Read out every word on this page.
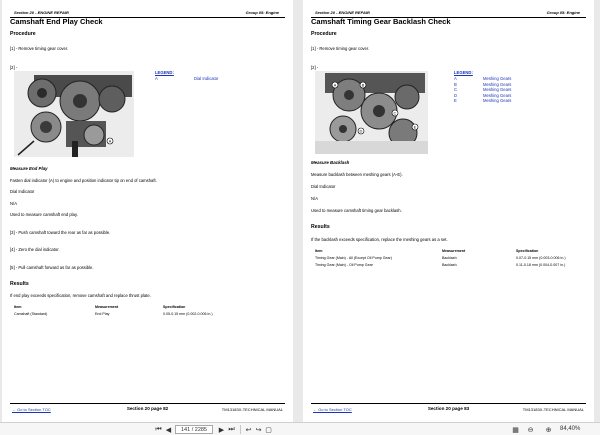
Section 20 - ENGINE REPAIR	Group 05: Engine
Camshaft End Play Check
Procedure
[1] - Remove timing gear cover.
[2] -
A
LEGEND:
A	Dial Indicator
Measure End Play
Fasten dial indicator (A) to engine and position indicator tip on end of camshaft.
Dial Indicator
N/A
Used to measure camshaft end play.
[3] - Push camshaft toward the rear as far as possible.
[4] - Zero the dial indicator.
[5] - Pull camshaft forward as far as possible.
Results
If end play exceeds specification, remove camshaft and replace thrust plate.
Item	Measurement	Specification
Camshaft (Standard)	End Play	0.05-0.15 mm (0.002-0.006 in.)
← Go to Section TOC	Section 20 page 82	TM13183X-TECHNICAL MANUAL
Section 20 - ENGINE REPAIR	Group 05: Engine
Camshaft Timing Gear Backlash Check
Procedure
[1] - Remove timing gear cover.
[2] -
A	B
C
D
E
LEGEND:
A	Meshing Gears
B	Meshing Gears
C	Meshing Gears
D	Meshing Gears
E	Meshing Gears
Measure Backlash
Measure backlash between meshing gears (A-E).
Dial Indicator
N/A
Used to measure camshaft timing gear backlash.
Results
If the backlash exceeds specification, replace the meshing gears as a set.
Item	Measurement	Specification
Timing Gear (Main) - All (Except Oil Pump Gear)	Backlash	0.07-0.15 mm (0.003-0.006 in.)
Timing Gear (Main) - Oil Pump Gear	Backlash	0.11-0.18 mm (0.004-0.007 in.)
← Go to Section TOC	Section 20 page 83	TM13183X-TECHNICAL MANUAL
⏮ ◀	141 / 2285	▶ ⏭ ↩ ↪ ▢	▦ ⊖ ⊕ 84,40%
